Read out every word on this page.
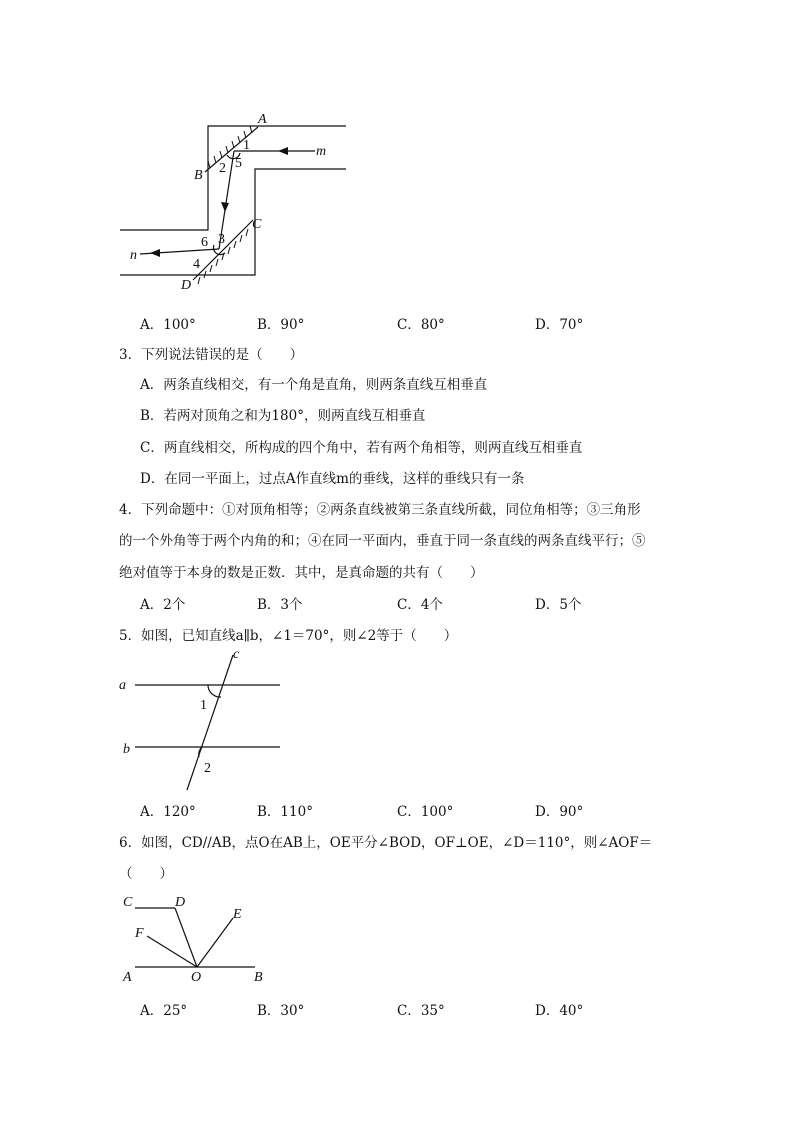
A
B
C
D
m
n
2 5
1
6 3
4
A．100°	B．90°	C．80°	D．70°
3．下列说法错误的是（　　）
A．两条直线相交，有一个角是直角，则两条直线互相垂直
B．若两对顶角之和为180°，则两直线互相垂直
C．两直线相交，所构成的四个角中，若有两个角相等，则两直线互相垂直
D．在同一平面上，过点A作直线m的垂线，这样的垂线只有一条
4．下列命题中：①对顶角相等；②两条直线被第三条直线所截，同位角相等；③三角形
的一个外角等于两个内角的和；④在同一平面内，垂直于同一条直线的两条直线平行；⑤
绝对值等于本身的数是正数．其中，是真命题的共有（　　）
A．2个	B．3个	C．4个	D．5个
5．如图，已知直线a∥b，∠1＝70°，则∠2等于（　　）
a
b
c
1
2
A．120°	B．110°	C．100°	D．90°
6．如图，CD//AB，点O在AB上，OE平分∠BOD，OF⊥OE，∠D＝110°，则∠AOF＝
（　　）
C	D
E
F
A	O	B
A．25°	B．30°	C．35°	D．40°
